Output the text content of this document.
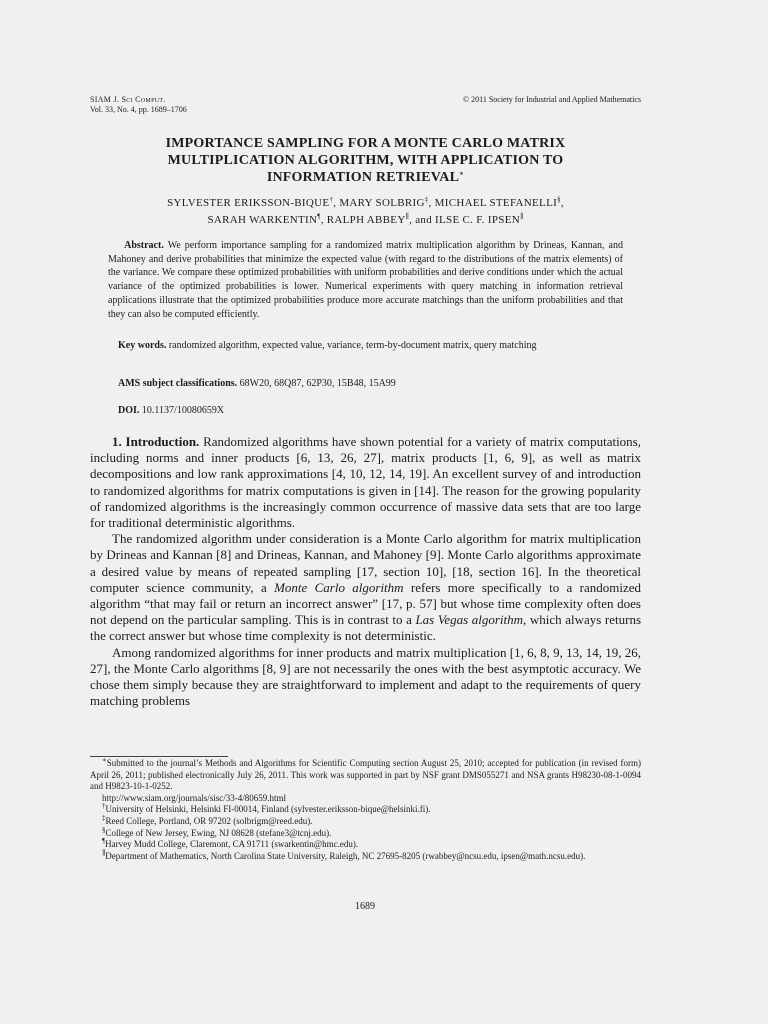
SIAM J. Sci Comput.
Vol. 33, No. 4, pp. 1689–1706
© 2011 Society for Industrial and Applied Mathematics
IMPORTANCE SAMPLING FOR A MONTE CARLO MATRIX
MULTIPLICATION ALGORITHM, WITH APPLICATION TO
INFORMATION RETRIEVAL∗
SYLVESTER ERIKSSON-BIQUE†, MARY SOLBRIG‡, MICHAEL STEFANELLI§,
SARAH WARKENTIN¶, RALPH ABBEY∥, and ILSE C. F. IPSEN∥
Abstract. We perform importance sampling for a randomized matrix multiplication algorithm by Drineas, Kannan, and Mahoney and derive probabilities that minimize the expected value (with regard to the distributions of the matrix elements) of the variance. We compare these optimized probabilities with uniform probabilities and derive conditions under which the actual variance of the optimized probabilities is lower. Numerical experiments with query matching in information retrieval applications illustrate that the optimized probabilities produce more accurate matchings than the uniform probabilities and that they can also be computed efficiently.
Key words. randomized algorithm, expected value, variance, term-by-document matrix, query matching
AMS subject classifications. 68W20, 68Q87, 62P30, 15B48, 15A99
DOI. 10.1137/10080659X

1. Introduction. Randomized algorithms have shown potential for a variety of matrix computations, including norms and inner products [6, 13, 26, 27], matrix products [1, 6, 9], as well as matrix decompositions and low rank approximations [4, 10, 12, 14, 19]. An excellent survey of and introduction to randomized algorithms for matrix computations is given in [14]. The reason for the growing popularity of randomized algorithms is the increasingly common occurrence of massive data sets that are too large for traditional deterministic algorithms.

The randomized algorithm under consideration is a Monte Carlo algorithm for matrix multiplication by Drineas and Kannan [8] and Drineas, Kannan, and Mahoney [9]. Monte Carlo algorithms approximate a desired value by means of repeated sampling [17, section 10], [18, section 16]. In the theoretical computer science community, a Monte Carlo algorithm refers more specifically to a randomized algorithm “that may fail or return an incorrect answer” [17, p. 57] but whose time complexity often does not depend on the particular sampling. This is in contrast to a Las Vegas algorithm, which always returns the correct answer but whose time complexity is not deterministic.

Among randomized algorithms for inner products and matrix multiplication [1, 6, 8, 9, 13, 14, 19, 26, 27], the Monte Carlo algorithms [8, 9] are not necessarily the ones with the best asymptotic accuracy. We chose them simply because they are straightforward to implement and adapt to the requirements of query matching problems

∗Submitted to the journal’s Methods and Algorithms for Scientific Computing section August 25, 2010; accepted for publication (in revised form) April 26, 2011; published electronically July 26, 2011. This work was supported in part by NSF grant DMS055271 and NSA grants H98230-08-1-0094 and H9823-10-1-0252.

http://www.siam.org/journals/sisc/33-4/80659.html

†University of Helsinki, Helsinki FI-00014, Finland (sylvester.eriksson-bique@helsinki.fi).

‡Reed College, Portland, OR 97202 (solbrigm@reed.edu).

§College of New Jersey, Ewing, NJ 08628 (stefane3@tcnj.edu).

¶Harvey Mudd College, Claremont, CA 91711 (swarkentin@hmc.edu).

∥Department of Mathematics, North Carolina State University, Raleigh, NC 27695-8205 (rwabbey@ncsu.edu, ipsen@math.ncsu.edu).

1689
